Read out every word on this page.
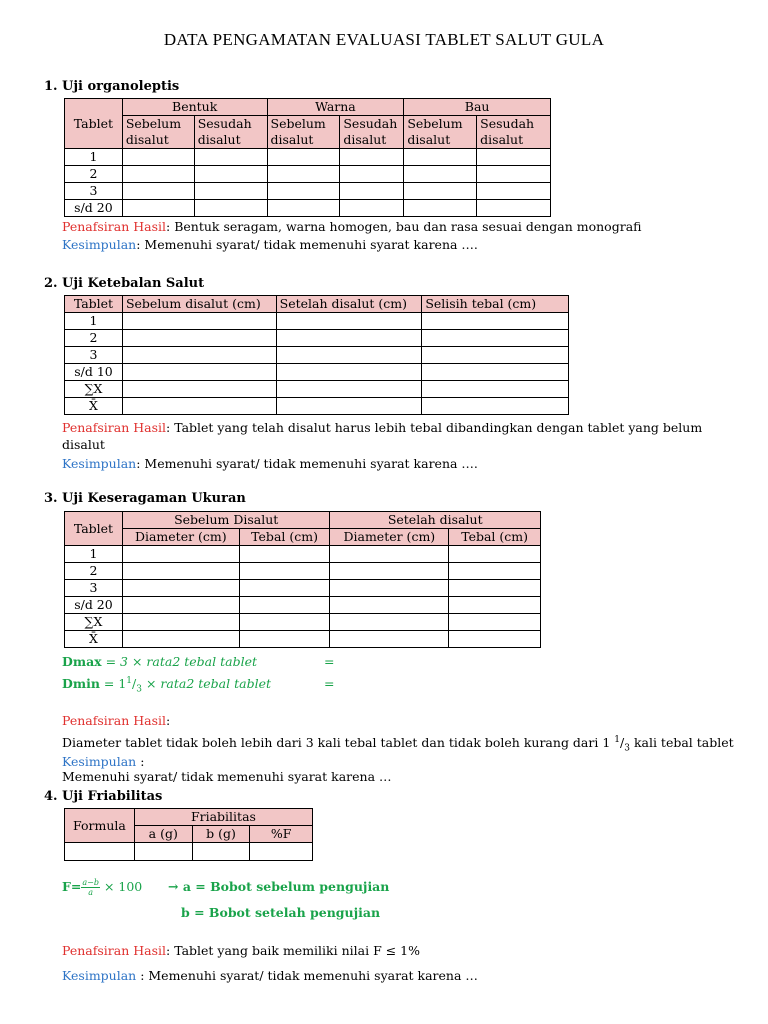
DATA PENGAMATAN EVALUASI TABLET SALUT GULA
1. Uji organoleptis
Tablet	Bentuk		Warna		Bau	
	Sebelum disalut	Sesudah disalut	Sebelum disalut	Sesudah disalut	Sebelum disalut	Sesudah disalut
1						
2						
3						
s/d 20						
Penafsiran Hasil: Bentuk seragam, warna homogen, bau dan rasa sesuai dengan monografi
Kesimpulan: Memenuhi syarat/ tidak memenuhi syarat karena ….
2. Uji Ketebalan Salut
Tablet	Sebelum disalut (cm)	Setelah disalut (cm)	Selisih tebal (cm)
1			
2			
3			
s/d 10			
∑X			
X̄			
Penafsiran Hasil: Tablet yang telah disalut harus lebih tebal dibandingkan dengan tablet yang belum
disalut
Kesimpulan: Memenuhi syarat/ tidak memenuhi syarat karena ….
3. Uji Keseragaman Ukuran
Tablet	Sebelum Disalut		Setelah disalut	
	Diameter (cm)	Tebal (cm)	Diameter (cm)	Tebal (cm)
1				
2				
3				
s/d 20				
∑X				
X̄				
Dmax = 3 × rata2 tebal tablet	=
$Dmin = 1^1/_3$ × rata2 tebal tablet	=
Penafsiran Hasil:
Diameter tablet tidak boleh lebih dari 3 kali tebal tablet dan tidak boleh kurang dari 1 $^1/_3$ kali tebal tablet
Kesimpulan :
Memenuhi syarat/ tidak memenuhi syarat karena …
4. Uji Friabilitas
Formula	Friabilitas		
	a (g)	b (g)	%F

$F= \frac{a-b}{a} \times 100 \to a$ = Bobot sebelum pengujian
b = Bobot setelah pengujian
Penafsiran Hasil: Tablet yang baik memiliki nilai F ≤ 1%
Kesimpulan : Memenuhi syarat/ tidak memenuhi syarat karena …
